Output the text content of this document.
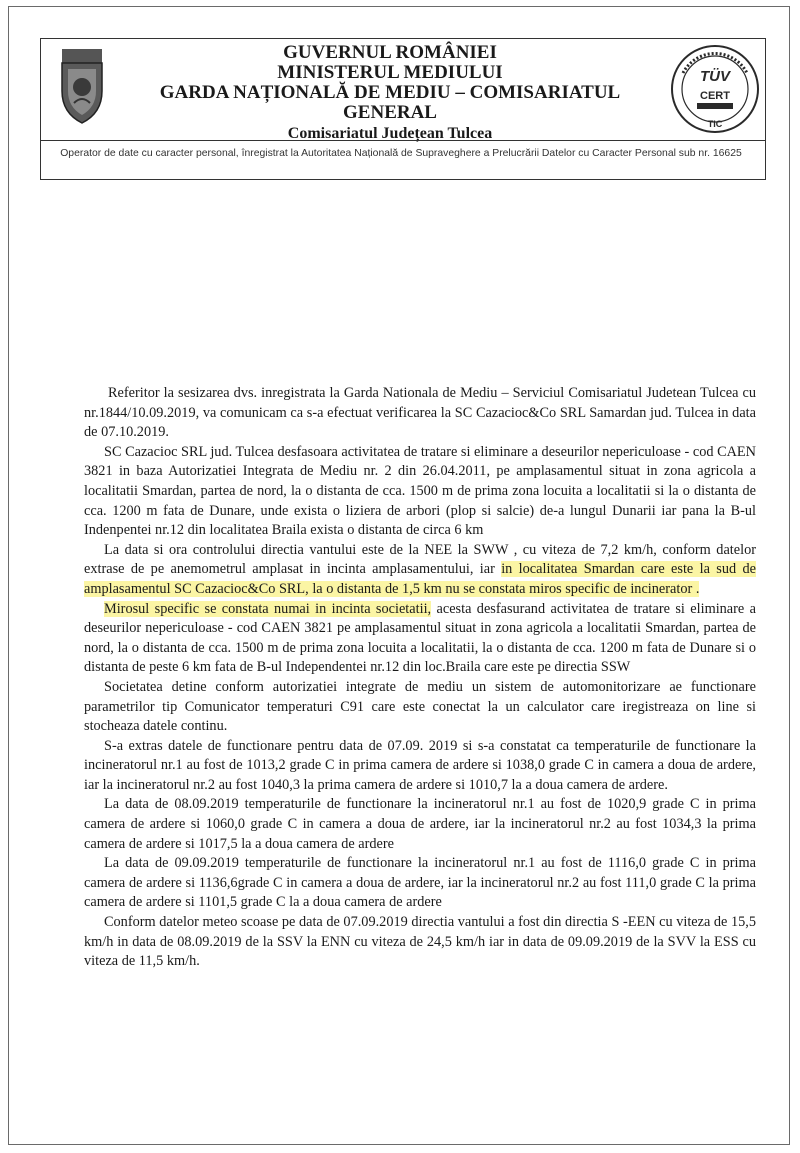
GUVERNUL ROMÂNIEI
MINISTERUL MEDIULUI
GARDA NAȚIONALĂ DE MEDIU – COMISARIATUL GENERAL
Comisariatul Județean Tulcea
TÜV
CERT
TIC
Operator de date cu caracter personal, înregistrat la Autoritatea Națională de Supraveghere a Prelucrării Datelor cu Caracter Personal sub nr. 16625

Referitor la sesizarea dvs. inregistrata la Garda Nationala de Mediu – Serviciul Comisariatul Judetean Tulcea cu nr.1844/10.09.2019, va comunicam ca s-a efectuat verificarea la SC Cazacioc&Co SRL Samardan jud. Tulcea in data de 07.10.2019.

SC Cazacioc SRL jud. Tulcea desfasoara activitatea de tratare si eliminare a deseurilor nepericuloase - cod CAEN 3821 in baza Autorizatiei Integrata de Mediu nr. 2 din 26.04.2011, pe amplasamentul situat in zona agricola a localitatii Smardan, partea de nord, la o distanta de cca. 1500 m de prima zona locuita a localitatii si la o distanta de cca. 1200 m fata de Dunare, unde exista o liziera de arbori (plop si salcie) de-a lungul Dunarii iar pana la B-ul Indenpentei nr.12 din localitatea Braila exista o distanta de circa 6 km

La data si ora controlului directia vantului este de la NEE la SWW , cu viteza de 7,2 km/h, conform datelor extrase de pe anemometrul amplasat in incinta amplasamentului, iar in localitatea Smardan care este la sud de amplasamentul SC Cazacioc&Co SRL, la o distanta de 1,5 km nu se constata miros specific de incinerator .

Mirosul specific se constata numai in incinta societatii, acesta desfasurand activitatea de tratare si eliminare a deseurilor nepericuloase - cod CAEN 3821 pe amplasamentul situat in zona agricola a localitatii Smardan, partea de nord, la o distanta de cca. 1500 m de prima zona locuita a localitatii, la o distanta de cca. 1200 m fata de Dunare si o distanta de peste 6 km fata de B-ul Independentei nr.12 din loc.Braila care este pe directia SSW

Societatea detine conform autorizatiei integrate de mediu un sistem de automonitorizare ae functionare parametrilor tip Comunicator temperaturi C91 care este conectat la un calculator care iregistreaza on line si stocheaza datele continu.

S-a extras datele de functionare pentru data de 07.09. 2019 si s-a constatat ca temperaturile de functionare la incineratorul nr.1 au fost de 1013,2 grade C in prima camera de ardere si 1038,0 grade C in camera a doua de ardere, iar la incineratorul nr.2 au fost 1040,3 la prima camera de ardere si 1010,7 la a doua camera de ardere.

La data de 08.09.2019 temperaturile de functionare la incineratorul nr.1 au fost de 1020,9 grade C in prima camera de ardere si 1060,0 grade C in camera a doua de ardere, iar la incineratorul nr.2 au fost 1034,3 la prima camera de ardere si 1017,5 la a doua camera de ardere

La data de 09.09.2019 temperaturile de functionare la incineratorul nr.1 au fost de 1116,0 grade C in prima camera de ardere si 1136,6grade C in camera a doua de ardere, iar la incineratorul nr.2 au fost 111,0 grade C la prima camera de ardere si 1101,5 grade C la a doua camera de ardere

Conform datelor meteo scoase pe data de 07.09.2019 directia vantului a fost din directia S -EEN cu viteza de 15,5 km/h in data de 08.09.2019 de la SSV la ENN cu viteza de 24,5 km/h iar in data de 09.09.2019 de la SVV la ESS cu viteza de 11,5 km/h.
